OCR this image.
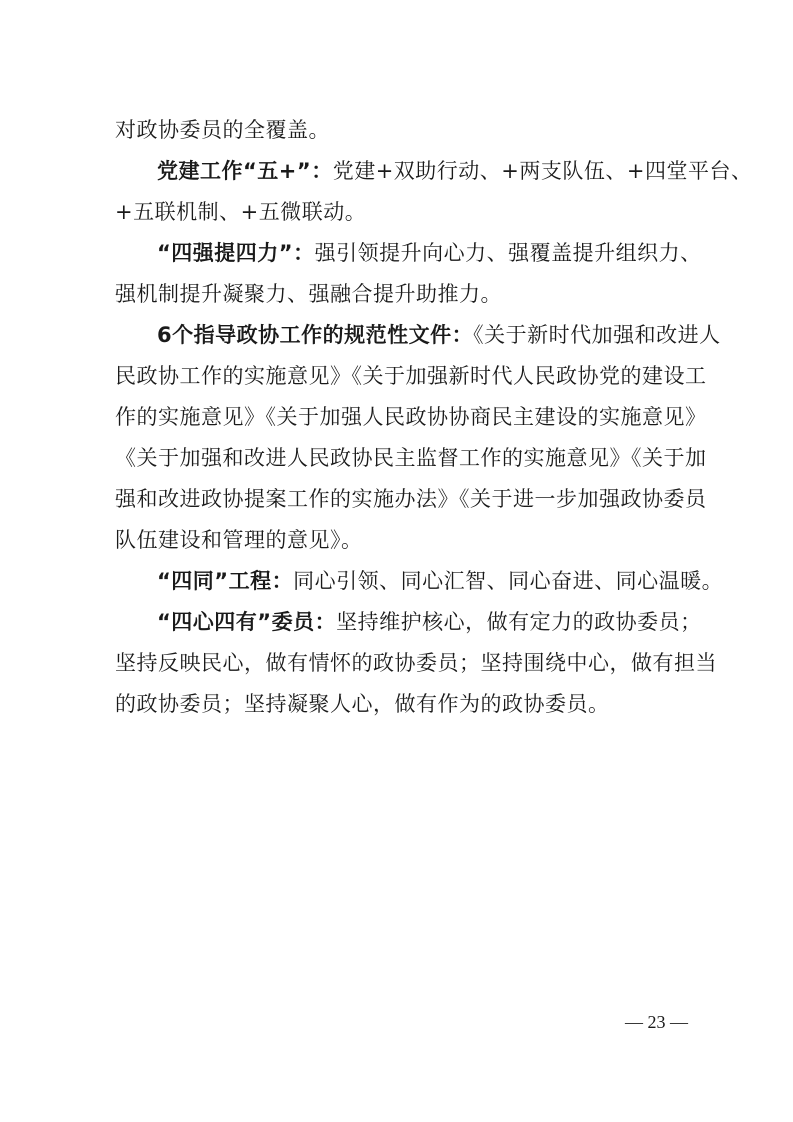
对政协委员的全覆盖。
党建工作“五+”：党建+双助行动、+两支队伍、+四堂平台、
+五联机制、+五微联动。
“四强提四力”：强引领提升向心力、强覆盖提升组织力、
强机制提升凝聚力、强融合提升助推力。
6个指导政协工作的规范性文件：《关于新时代加强和改进人
民政协工作的实施意见》《关于加强新时代人民政协党的建设工
作的实施意见》《关于加强人民政协协商民主建设的实施意见》
《关于加强和改进人民政协民主监督工作的实施意见》《关于加
强和改进政协提案工作的实施办法》《关于进一步加强政协委员
队伍建设和管理的意见》。
“四同”工程：同心引领、同心汇智、同心奋进、同心温暖。
“四心四有”委员：坚持维护核心，做有定力的政协委员；
坚持反映民心，做有情怀的政协委员；坚持围绕中心，做有担当
的政协委员；坚持凝聚人心，做有作为的政协委员。
— 23 —
